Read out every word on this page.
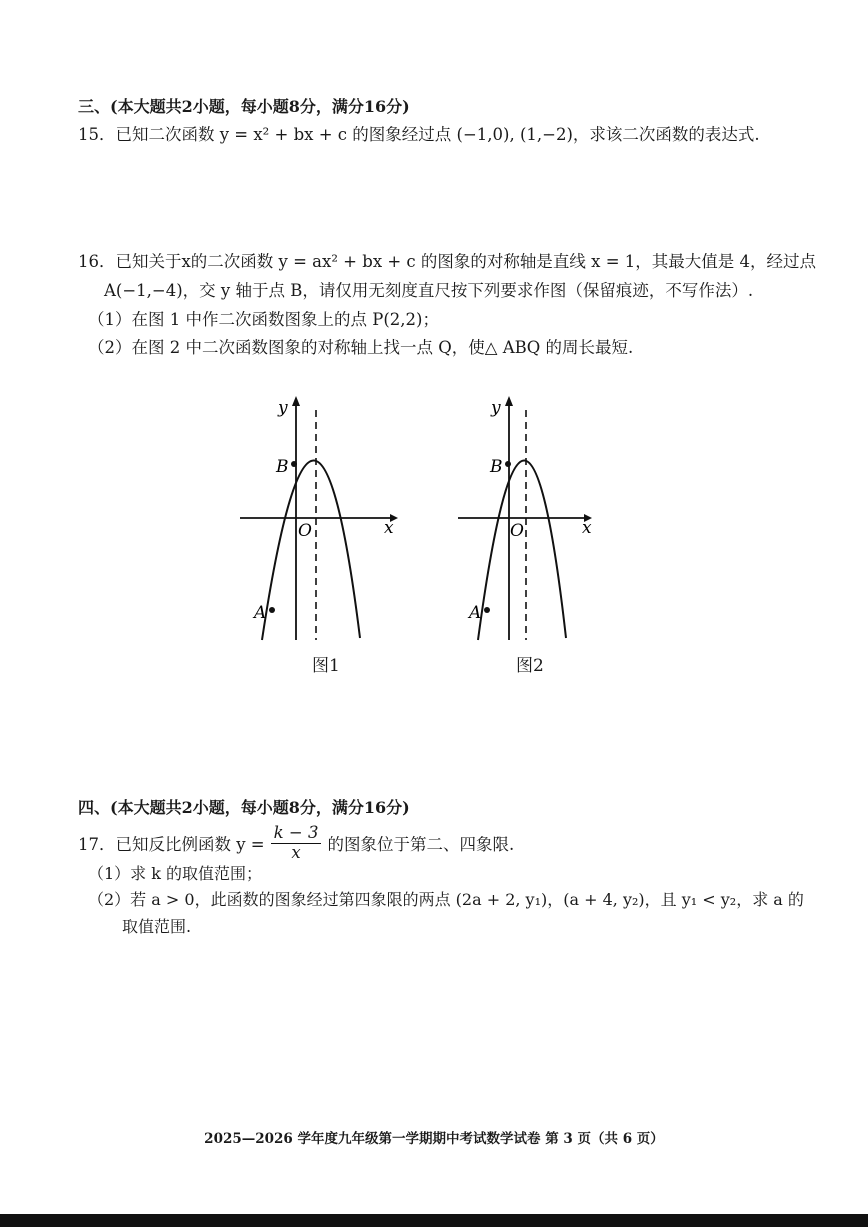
三、(本大题共2小题，每小题8分，满分16分)
15．已知二次函数 y = x² + bx + c 的图象经过点 (−1,0), (1,−2)，求该二次函数的表达式.
16．已知关于x的二次函数 y = ax² + bx + c 的图象的对称轴是直线 x = 1，其最大值是 4，经过点
A(−1,−4)，交 y 轴于点 B，请仅用无刻度直尺按下列要求作图（保留痕迹，不写作法）.
（1）在图 1 中作二次函数图象上的点 P(2,2)；
（2）在图 2 中二次函数图象的对称轴上找一点 Q，使△ ABQ 的周长最短.
x
y
O
A
B
图1
x
y
O
A
B
图2
四、(本大题共2小题，每小题8分，满分16分)
17．已知反比例函数 $y = \frac{k - 3}{x}$ 的图象位于第二、四象限.
（1）求 k 的取值范围；
（2）若 a > 0，此函数的图象经过第四象限的两点 (2a + 2, y₁)，(a + 4, y₂)，且 y₁ < y₂，求 a 的
取值范围.
2025—2026 学年度九年级第一学期期中考试数学试卷 第 3 页（共 6 页）
